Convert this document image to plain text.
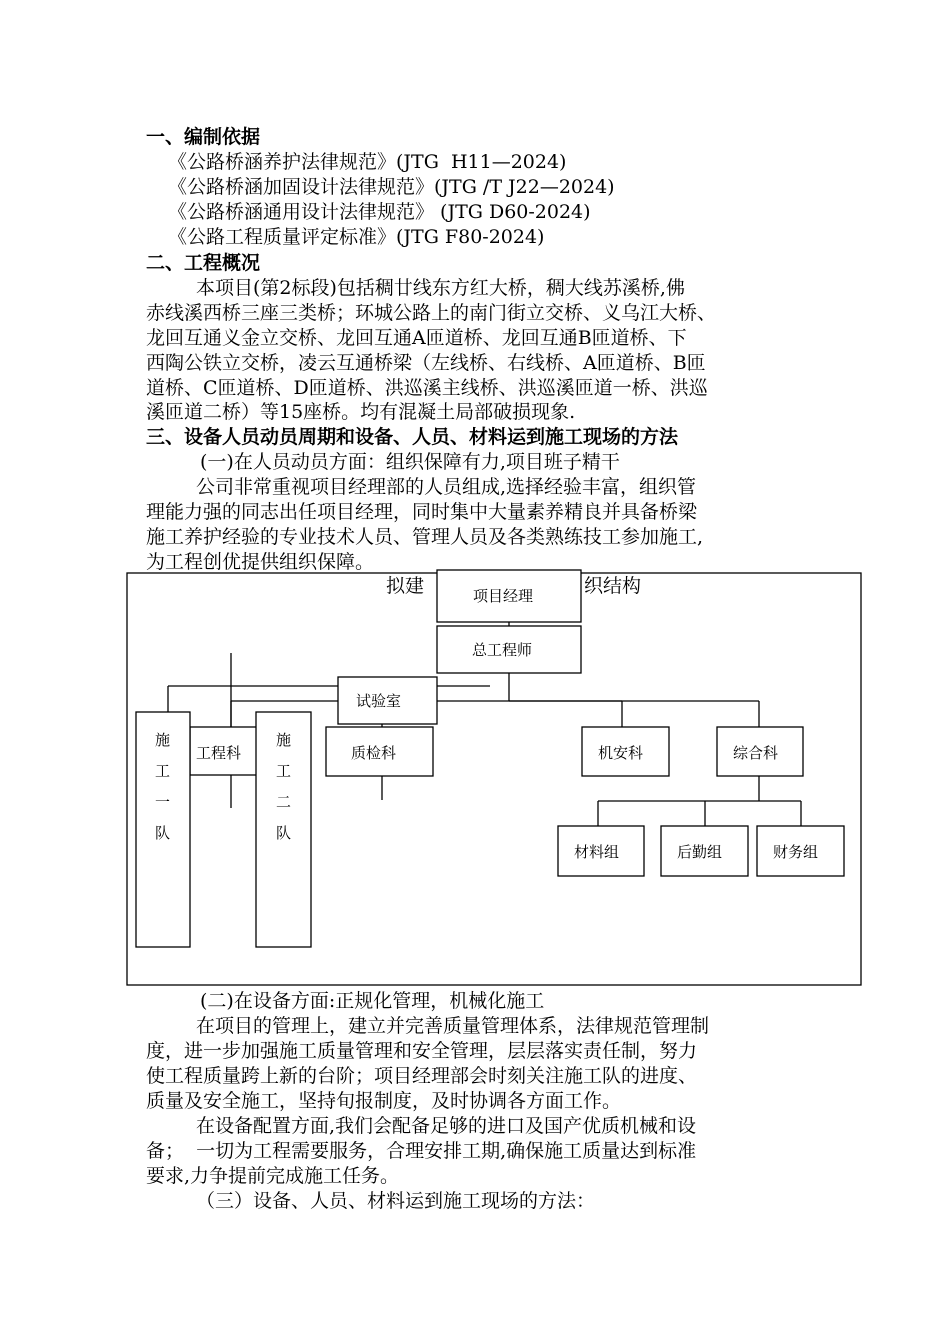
一、编制依据
《公路桥涵养护法律规范》(JTG  H11—2024)
《公路桥涵加固设计法律规范》(JTG /T J22—2024)
《公路桥涵通用设计法律规范》 (JTG D60-2024)
《公路工程质量评定标准》(JTG F80-2024)
二、工程概况
本项目(第2标段)包括稠廿线东方红大桥，稠大线苏溪桥,佛
赤线溪西桥三座三类桥；环城公路上的南门街立交桥、义乌江大桥、
龙回互通义金立交桥、龙回互通A匝道桥、龙回互通B匝道桥、下
西陶公铁立交桥，凌云互通桥梁（左线桥、右线桥、A匝道桥、B匝
道桥、C匝道桥、D匝道桥、洪巡溪主线桥、洪巡溪匝道一桥、洪巡
溪匝道二桥）等15座桥。均有混凝土局部破损现象.
三、设备人员动员周期和设备、人员、材料运到施工现场的方法
(一)在人员动员方面：组织保障有力,项目班子精干
公司非常重视项目经理部的人员组成,选择经验丰富，组织管
理能力强的同志出任项目经理，同时集中大量素养精良并具备桥梁
施工养护经验的专业技术人员、管理人员及各类熟练技工参加施工,
为工程创优提供组织保障。
拟建	织结构
项目经理
总工程师
试验室
工程科	质检科	机安科	综合科
施
工
一
队
施
工
二
队
材料组	后勤组	财务组
(二)在设备方面:正规化管理，机械化施工
在项目的管理上，建立并完善质量管理体系，法律规范管理制
度，进一步加强施工质量管理和安全管理，层层落实责任制，努力
使工程质量跨上新的台阶；项目经理部会时刻关注施工队的进度、
质量及安全施工，坚持旬报制度，及时协调各方面工作。
在设备配置方面,我们会配备足够的进口及国产优质机械和设
备；  一切为工程需要服务，合理安排工期,确保施工质量达到标准
要求,力争提前完成施工任务。
（三）设备、人员、材料运到施工现场的方法：
